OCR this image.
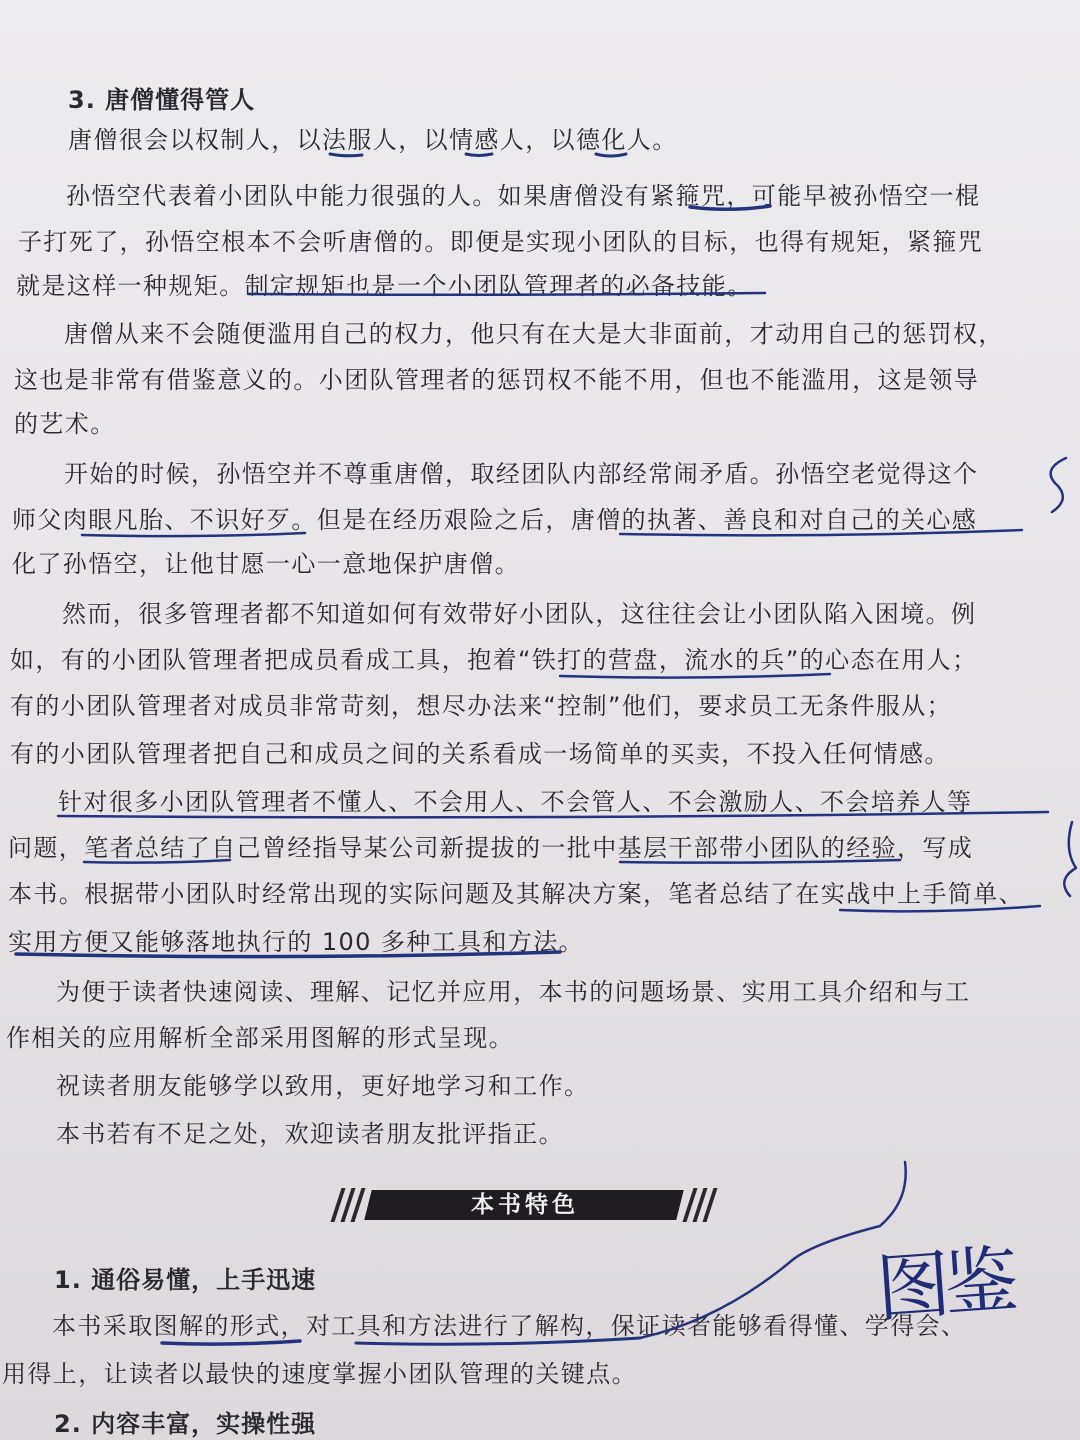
3. 唐僧懂得管人
唐僧很会以权制人，以法服人，以情感人，以德化人。
孙悟空代表着小团队中能力很强的人。如果唐僧没有紧箍咒，可能早被孙悟空一棍
子打死了，孙悟空根本不会听唐僧的。即便是实现小团队的目标，也得有规矩，紧箍咒
就是这样一种规矩。制定规矩也是一个小团队管理者的必备技能。
唐僧从来不会随便滥用自己的权力，他只有在大是大非面前，才动用自己的惩罚权，
这也是非常有借鉴意义的。小团队管理者的惩罚权不能不用，但也不能滥用，这是领导
的艺术。
开始的时候，孙悟空并不尊重唐僧，取经团队内部经常闹矛盾。孙悟空老觉得这个
师父肉眼凡胎、不识好歹。但是在经历艰险之后，唐僧的执著、善良和对自己的关心感
化了孙悟空，让他甘愿一心一意地保护唐僧。
然而，很多管理者都不知道如何有效带好小团队，这往往会让小团队陷入困境。例
如，有的小团队管理者把成员看成工具，抱着“铁打的营盘，流水的兵”的心态在用人；
有的小团队管理者对成员非常苛刻，想尽办法来“控制”他们，要求员工无条件服从；
有的小团队管理者把自己和成员之间的关系看成一场简单的买卖，不投入任何情感。
针对很多小团队管理者不懂人、不会用人、不会管人、不会激励人、不会培养人等
问题，笔者总结了自己曾经指导某公司新提拔的一批中基层干部带小团队的经验，写成
本书。根据带小团队时经常出现的实际问题及其解决方案，笔者总结了在实战中上手简单、
实用方便又能够落地执行的 100 多种工具和方法。
为便于读者快速阅读、理解、记忆并应用，本书的问题场景、实用工具介绍和与工
作相关的应用解析全部采用图解的形式呈现。
祝读者朋友能够学以致用，更好地学习和工作。
本书若有不足之处，欢迎读者朋友批评指正。
本书特色
1. 通俗易懂，上手迅速
本书采取图解的形式，对工具和方法进行了解构，保证读者能够看得懂、学得会、
用得上，让读者以最快的速度掌握小团队管理的关键点。
2. 内容丰富，实操性强
图鉴
